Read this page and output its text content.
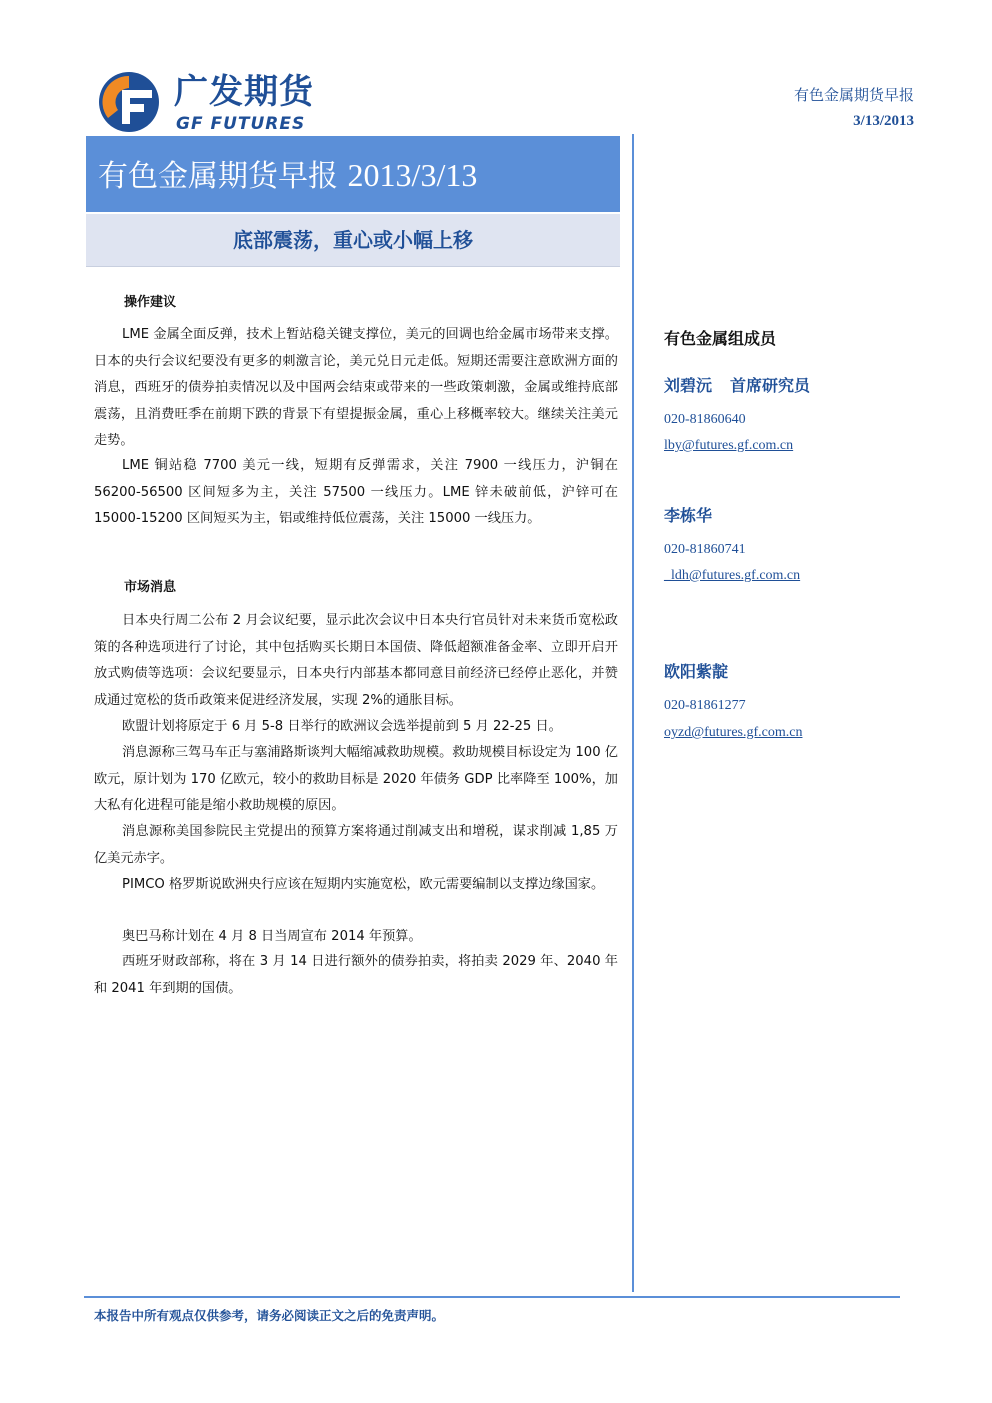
广发期货
GF FUTURES
有色金属期货早报
3/13/2013
有色金属期货早报 2013/3/13
底部震荡，重心或小幅上移
操作建议

LME 金属全面反弹，技术上暂站稳关键支撑位，美元的回调也给金属市场带来支撑。日本的央行会议纪要没有更多的刺激言论，美元兑日元走低。短期还需要注意欧洲方面的消息，西班牙的债券拍卖情况以及中国两会结束或带来的一些政策刺激，金属或维持底部震荡，且消费旺季在前期下跌的背景下有望提振金属，重心上移概率较大。继续关注美元走势。

LME 铜站稳 7700 美元一线，短期有反弹需求，关注 7900 一线压力，沪铜在 56200-56500 区间短多为主，关注 57500 一线压力。LME 锌未破前低，沪锌可在 15000-15200 区间短买为主，铝或维持低位震荡，关注 15000 一线压力。

市场消息

日本央行周二公布 2 月会议纪要，显示此次会议中日本央行官员针对未来货币宽松政策的各种选项进行了讨论，其中包括购买长期日本国债、降低超额准备金率、立即开启开放式购债等选项：会议纪要显示，日本央行内部基本都同意目前经济已经停止恶化，并赞成通过宽松的货币政策来促进经济发展，实现 2%的通胀目标。

欧盟计划将原定于 6 月 5-8 日举行的欧洲议会选举提前到 5 月 22-25 日。

消息源称三驾马车正与塞浦路斯谈判大幅缩减救助规模。救助规模目标设定为 100 亿欧元，原计划为 170 亿欧元，较小的救助目标是 2020 年债务 GDP 比率降至 100%，加大私有化进程可能是缩小救助规模的原因。

消息源称美国参院民主党提出的预算方案将通过削减支出和增税，谋求削减 1,85 万亿美元赤字。

PIMCO 格罗斯说欧洲央行应该在短期内实施宽松，欧元需要编制以支撑边缘国家。

奥巴马称计划在 4 月 8 日当周宣布 2014 年预算。

西班牙财政部称，将在 3 月 14 日进行额外的债券拍卖，将拍卖 2029 年、2040 年和 2041 年到期的国债。

有色金属组成员
刘碧沅 首席研究员
020-81860640
lby@futures.gf.com.cn
李栋华
020-81860741
_ldh@futures.gf.com.cn
欧阳紫靛
020-81861277
oyzd@futures.gf.com.cn
本报告中所有观点仅供参考，请务必阅读正文之后的免责声明。
